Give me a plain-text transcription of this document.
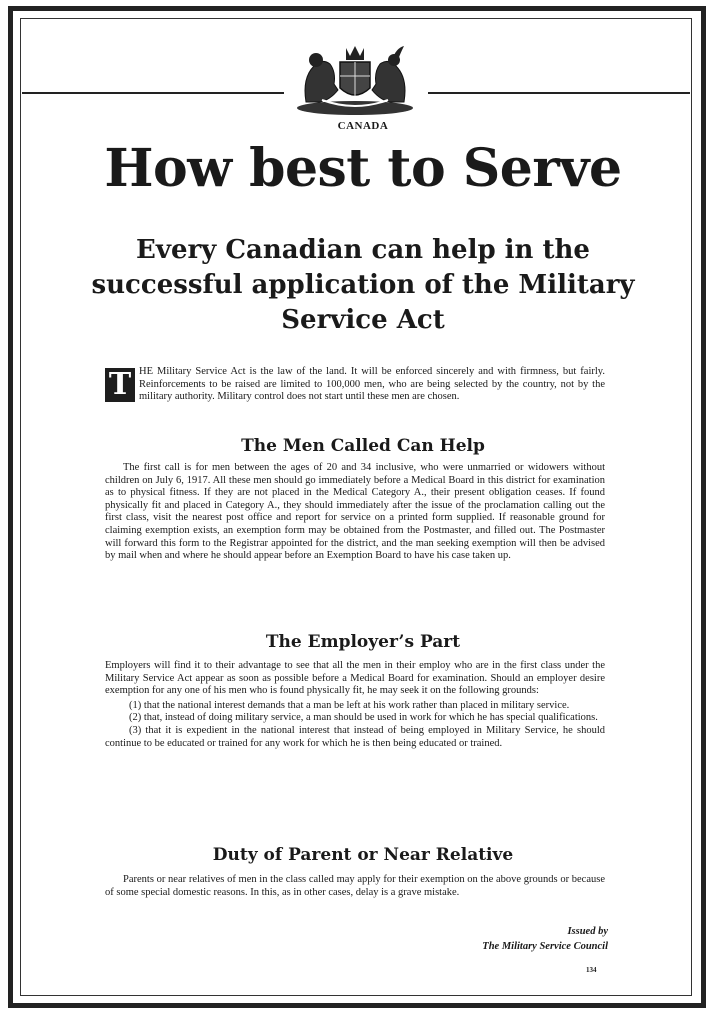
CANADA
How best to Serve
Every Canadian can help in the successful application of the Military Service Act
T HE Military Service Act is the law of the land. It will be enforced sincerely and with firmness, but fairly. Reinforcements to be raised are limited to 100,000 men, who are being selected by the country, not by the military authority. Military control does not start until these men are chosen.
The Men Called Can Help

The first call is for men between the ages of 20 and 34 inclusive, who were unmarried or widowers without children on July 6, 1917. All these men should go immediately before a Medical Board in this district for examination as to physical fitness. If they are not placed in the Medical Category A., their present obligation ceases. If found physically fit and placed in Category A., they should immediately after the issue of the proclamation calling out the first class, visit the nearest post office and report for service on a printed form supplied. If reasonable ground for claiming exemption exists, an exemption form may be obtained from the Postmaster, and filled out. The Postmaster will forward this form to the Registrar appointed for the district, and the man seeking exemption will then be advised by mail when and where he should appear before an Exemption Board to have his case taken up.

The Employer’s Part

Employers will find it to their advantage to see that all the men in their employ who are in the first class under the Military Service Act appear as soon as possible before a Medical Board for examination. Should an employer desire exemption for any one of his men who is found physically fit, he may seek it on the following grounds:

(1) that the national interest demands that a man be left at his work rather than placed in military service.

(2) that, instead of doing military service, a man should be used in work for which he has special qualifications.

(3) that it is expedient in the national interest that instead of being employed in Military Service, he should continue to be educated or trained for any work for which he is then being educated or trained.

Duty of Parent or Near Relative

Parents or near relatives of men in the class called may apply for their exemption on the above grounds or because of some special domestic reasons. In this, as in other cases, delay is a grave mistake.

Issued by
The Military Service Council
134
